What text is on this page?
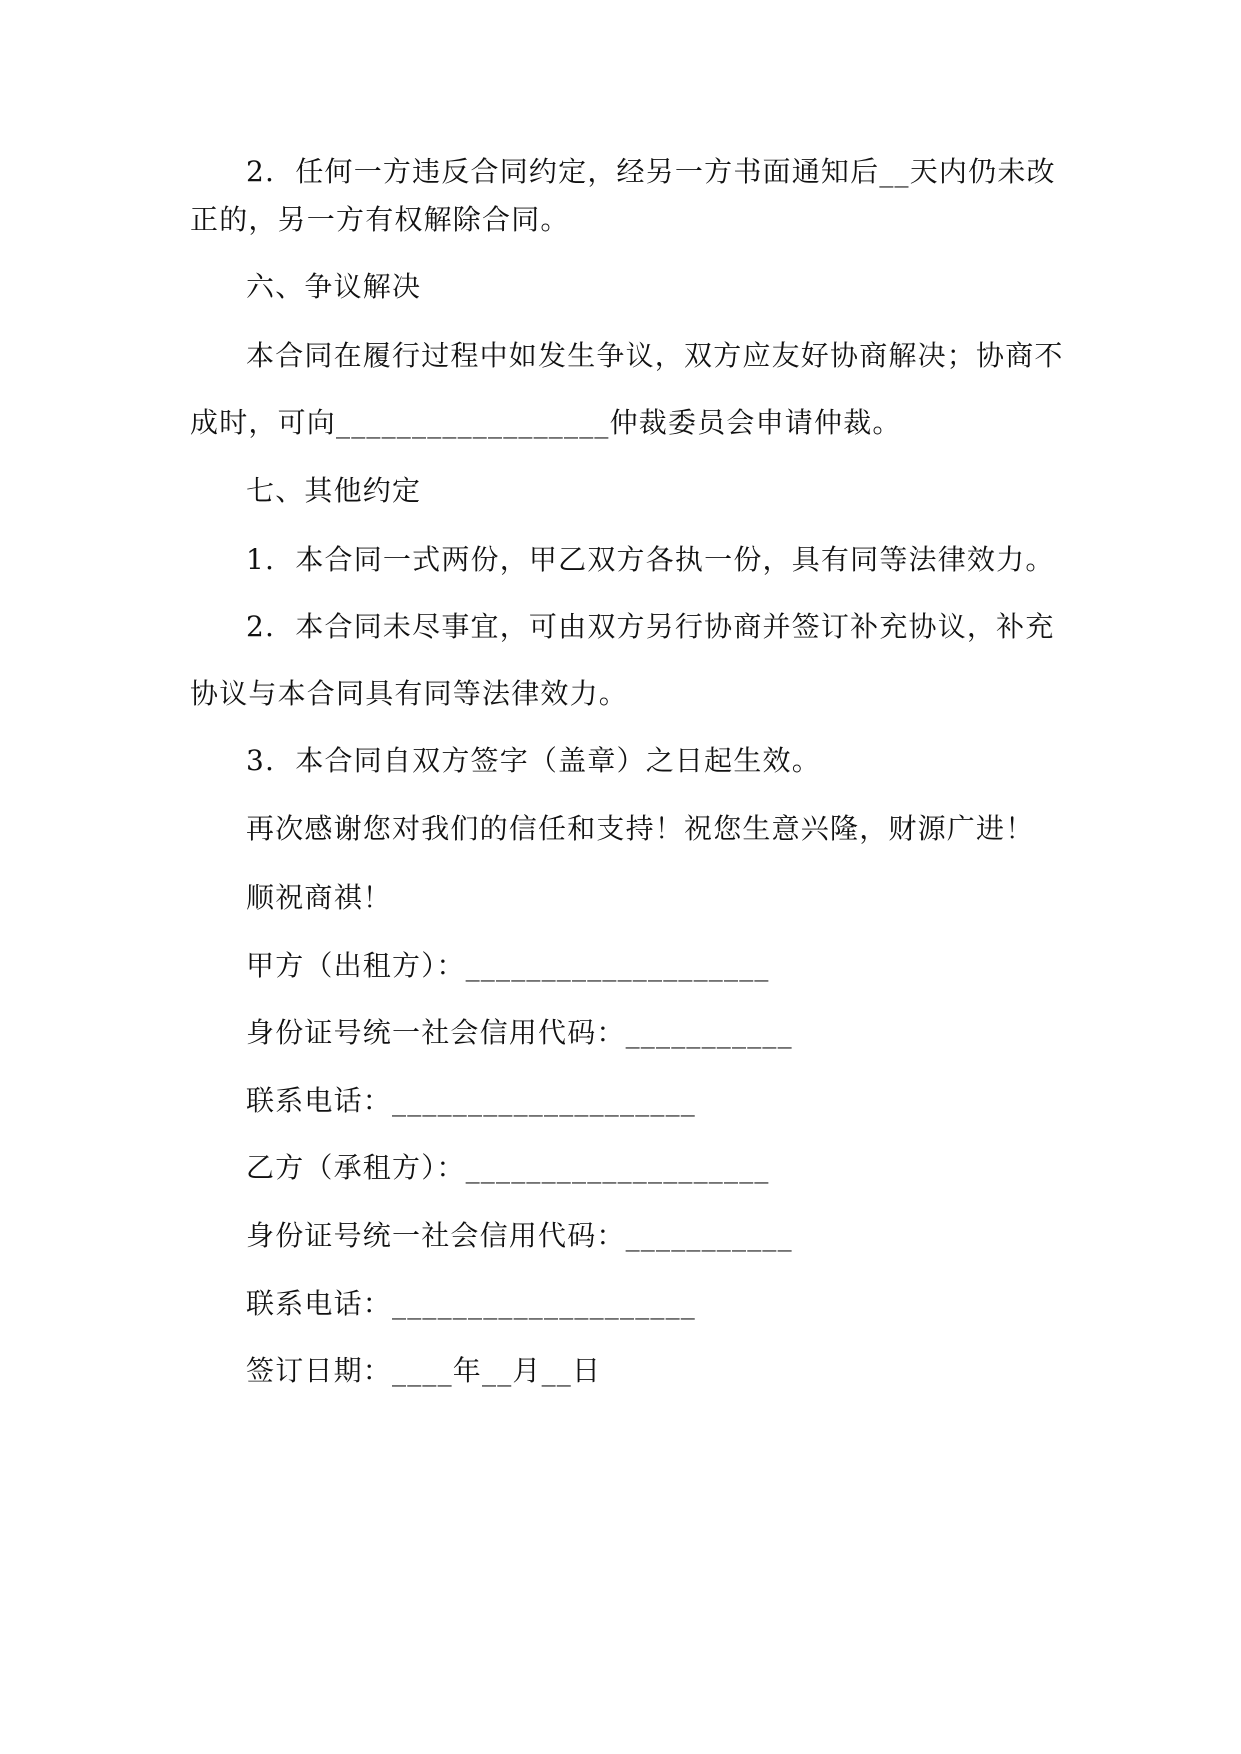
2.  任何一方违反合同约定，经另一方书面通知后__天内仍未改
正的，另一方有权解除合同。
六、争议解决
本合同在履行过程中如发生争议，双方应友好协商解决；协商不
成时，可向__________________仲裁委员会申请仲裁。
七、其他约定
1.  本合同一式两份，甲乙双方各执一份，具有同等法律效力。
2.  本合同未尽事宜，可由双方另行协商并签订补充协议，补充
协议与本合同具有同等法律效力。
3.  本合同自双方签字（盖章）之日起生效。
再次感谢您对我们的信任和支持！祝您生意兴隆，财源广进！
顺祝商祺！
甲方（出租方）：____________________
身份证号统一社会信用代码：___________
联系电话：____________________
乙方（承租方）：____________________
身份证号统一社会信用代码：___________
联系电话：____________________
签订日期：____年__月__日
